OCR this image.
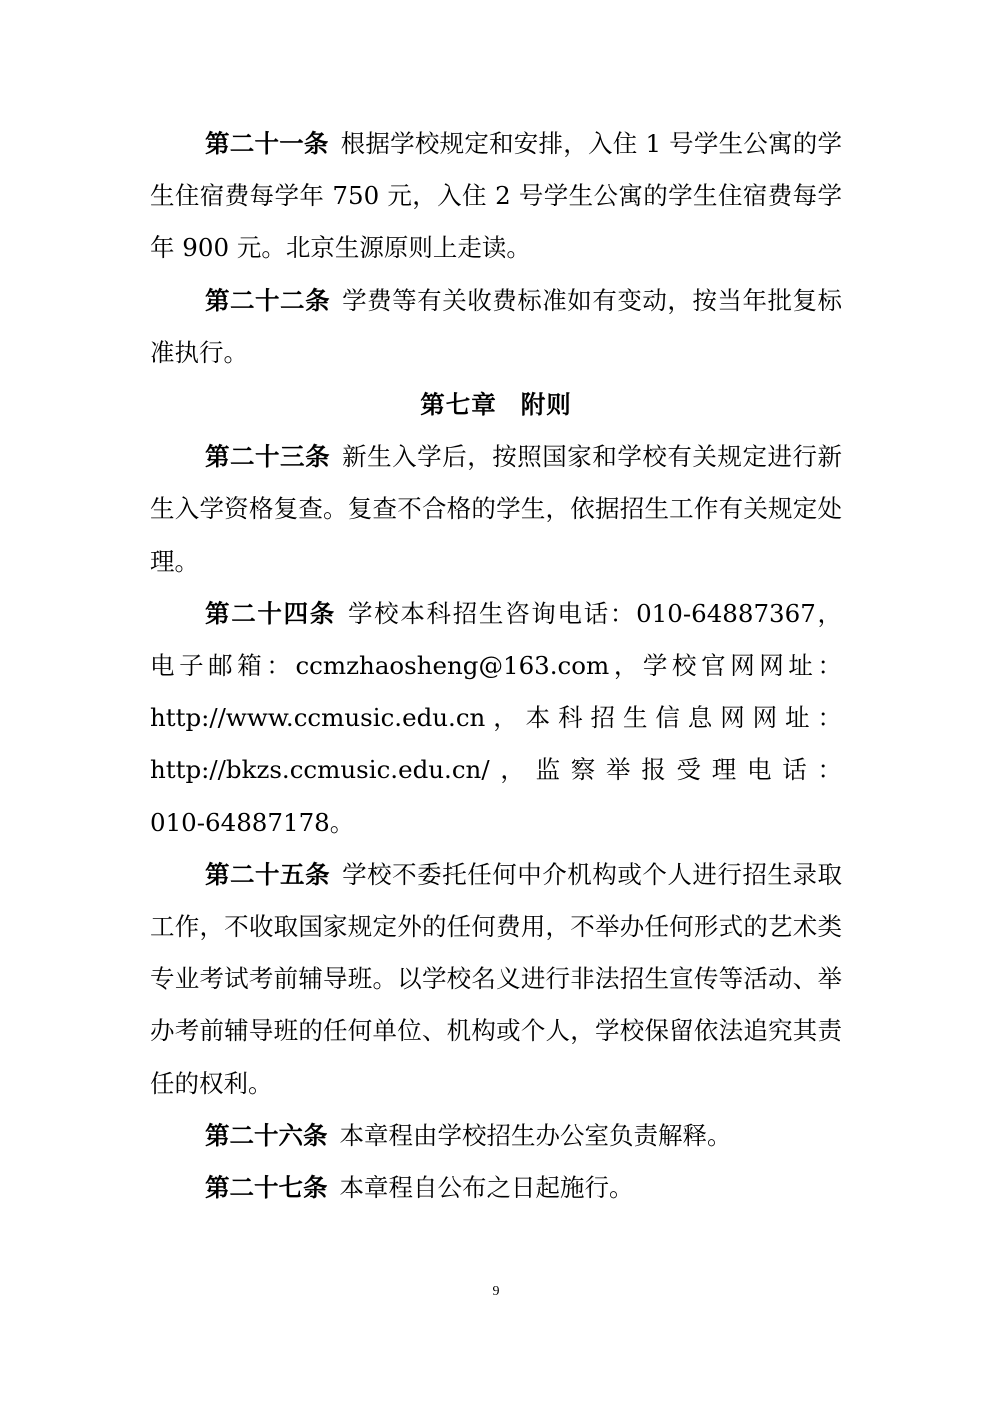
第二十一条 根据学校规定和安排，入住 1 号学生公寓的学生住宿费每学年 750 元，入住 2 号学生公寓的学生住宿费每学年 900 元。北京生源原则上走读。

第二十二条 学费等有关收费标准如有变动，按当年批复标准执行。

第七章 附则

第二十三条 新生入学后，按照国家和学校有关规定进行新生入学资格复查。复查不合格的学生，依据招生工作有关规定处理。

第二十四条 学校本科招生咨询电话：010-64887367，
电子邮箱：ccmzhaosheng@163.com，学校官网网址：
http://www.ccmusic.edu.cn，本科招生信息网网址：
http://bkzs.ccmusic.edu.cn/，监察举报受理电话：
010-64887178。

第二十五条 学校不委托任何中介机构或个人进行招生录取工作，不收取国家规定外的任何费用，不举办任何形式的艺术类专业考试考前辅导班。以学校名义进行非法招生宣传等活动、举办考前辅导班的任何单位、机构或个人，学校保留依法追究其责任的权利。

第二十六条 本章程由学校招生办公室负责解释。

第二十七条 本章程自公布之日起施行。

9
